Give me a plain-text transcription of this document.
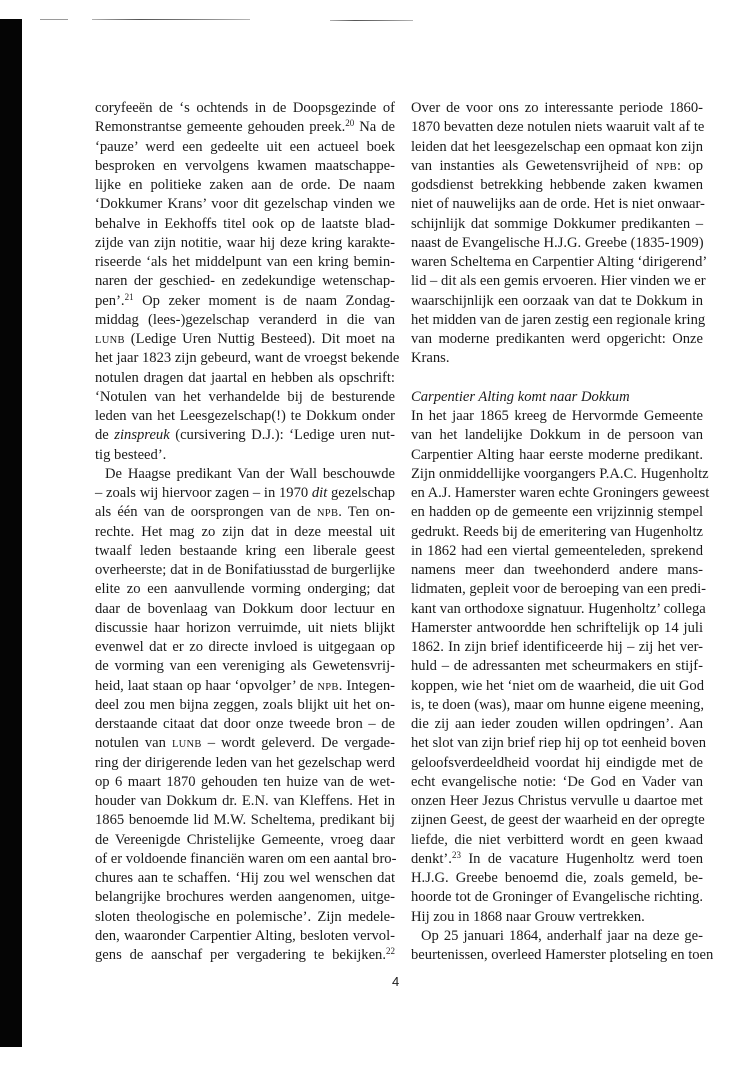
coryfeeën de ‘s ochtends in de Doopsgezinde of
Remonstrantse gemeente gehouden preek.$^{20}$ Na de
‘pauze’ werd een gedeelte uit een actueel boek
besproken en vervolgens kwamen maatschappe-
lijke en politieke zaken aan de orde. De naam
‘Dokkumer Krans’ voor dit gezelschap vinden we
behalve in Eekhoffs titel ook op de laatste blad-
zijde van zijn notitie, waar hij deze kring karakte-
riseerde ‘als het middelpunt van een kring bemin-
naren der geschied- en zedekundige wetenschap-
pen’.$^{21}$ Op zeker moment is de naam Zondag-
middag (lees-)gezelschap veranderd in die van
LUNB (Ledige Uren Nuttig Besteed). Dit moet na
het jaar 1823 zijn gebeurd, want de vroegst bekende
notulen dragen dat jaartal en hebben als opschrift:
‘Notulen van het verhandelde bij de besturende
leden van het Leesgezelschap(!) te Dokkum onder
de zinspreuk (cursivering D.J.): ‘Ledige uren nut-
tig besteed’.
De Haagse predikant Van der Wall beschouwde
– zoals wij hiervoor zagen – in 1970 dit gezelschap
als één van de oorsprongen van de NPB. Ten on-
rechte. Het mag zo zijn dat in deze meestal uit
twaalf leden bestaande kring een liberale geest
overheerste; dat in de Bonifatiusstad de burgerlijke
elite zo een aanvullende vorming onderging; dat
daar de bovenlaag van Dokkum door lectuur en
discussie haar horizon verruimde, uit niets blijkt
evenwel dat er zo directe invloed is uitgegaan op
de vorming van een vereniging als Gewetensvrij-
heid, laat staan op haar ‘opvolger’ de NPB. Integen-
deel zou men bijna zeggen, zoals blijkt uit het on-
derstaande citaat dat door onze tweede bron – de
notulen van LUNB – wordt geleverd. De vergade-
ring der dirigerende leden van het gezelschap werd
op 6 maart 1870 gehouden ten huize van de wet-
houder van Dokkum dr. E.N. van Kleffens. Het in
1865 benoemde lid M.W. Scheltema, predikant bij
de Vereenigde Christelijke Gemeente, vroeg daar
of er voldoende financiën waren om een aantal bro-
chures aan te schaffen. ‘Hij zou wel wenschen dat
belangrijke brochures werden aangenomen, uitge-
sloten theologische en polemische’. Zijn medele-
den, waaronder Carpentier Alting, besloten vervol-
gens de aanschaf per vergadering te bekijken.$^{22}$
Over de voor ons zo interessante periode 1860-
1870 bevatten deze notulen niets waaruit valt af te
leiden dat het leesgezelschap een opmaat kon zijn
van instanties als Gewetensvrijheid of NPB: op
godsdienst betrekking hebbende zaken kwamen
niet of nauwelijks aan de orde. Het is niet onwaar-
schijnlijk dat sommige Dokkumer predikanten –
naast de Evangelische H.J.G. Greebe (1835-1909)
waren Scheltema en Carpentier Alting ‘dirigerend’
lid – dit als een gemis ervoeren. Hier vinden we er
waarschijnlijk een oorzaak van dat te Dokkum in
het midden van de jaren zestig een regionale kring
van moderne predikanten werd opgericht: Onze
Krans.
Carpentier Alting komt naar Dokkum
In het jaar 1865 kreeg de Hervormde Gemeente
van het landelijke Dokkum in de persoon van
Carpentier Alting haar eerste moderne predikant.
Zijn onmiddellijke voorgangers P.A.C. Hugenholtz
en A.J. Hamerster waren echte Groningers geweest
en hadden op de gemeente een vrijzinnig stempel
gedrukt. Reeds bij de emeritering van Hugenholtz
in 1862 had een viertal gemeenteleden, sprekend
namens meer dan tweehonderd andere mans-
lidmaten, gepleit voor de beroeping van een predi-
kant van orthodoxe signatuur. Hugenholtz’ collega
Hamerster antwoordde hen schriftelijk op 14 juli
1862. In zijn brief identificeerde hij – zij het ver-
huld – de adressanten met scheurmakers en stijf-
koppen, wie het ‘niet om de waarheid, die uit God
is, te doen (was), maar om hunne eigene meening,
die zij aan ieder zouden willen opdringen’. Aan
het slot van zijn brief riep hij op tot eenheid boven
geloofsverdeeldheid voordat hij eindigde met de
echt evangelische notie: ‘De God en Vader van
onzen Heer Jezus Christus vervulle u daartoe met
zijnen Geest, de geest der waarheid en der opregte
liefde, die niet verbitterd wordt en geen kwaad
denkt’.$^{23}$ In de vacature Hugenholtz werd toen
H.J.G. Greebe benoemd die, zoals gemeld, be-
hoorde tot de Groninger of Evangelische richting.
Hij zou in 1868 naar Grouw vertrekken.
Op 25 januari 1864, anderhalf jaar na deze ge-
beurtenissen, overleed Hamerster plotseling en toen
4
